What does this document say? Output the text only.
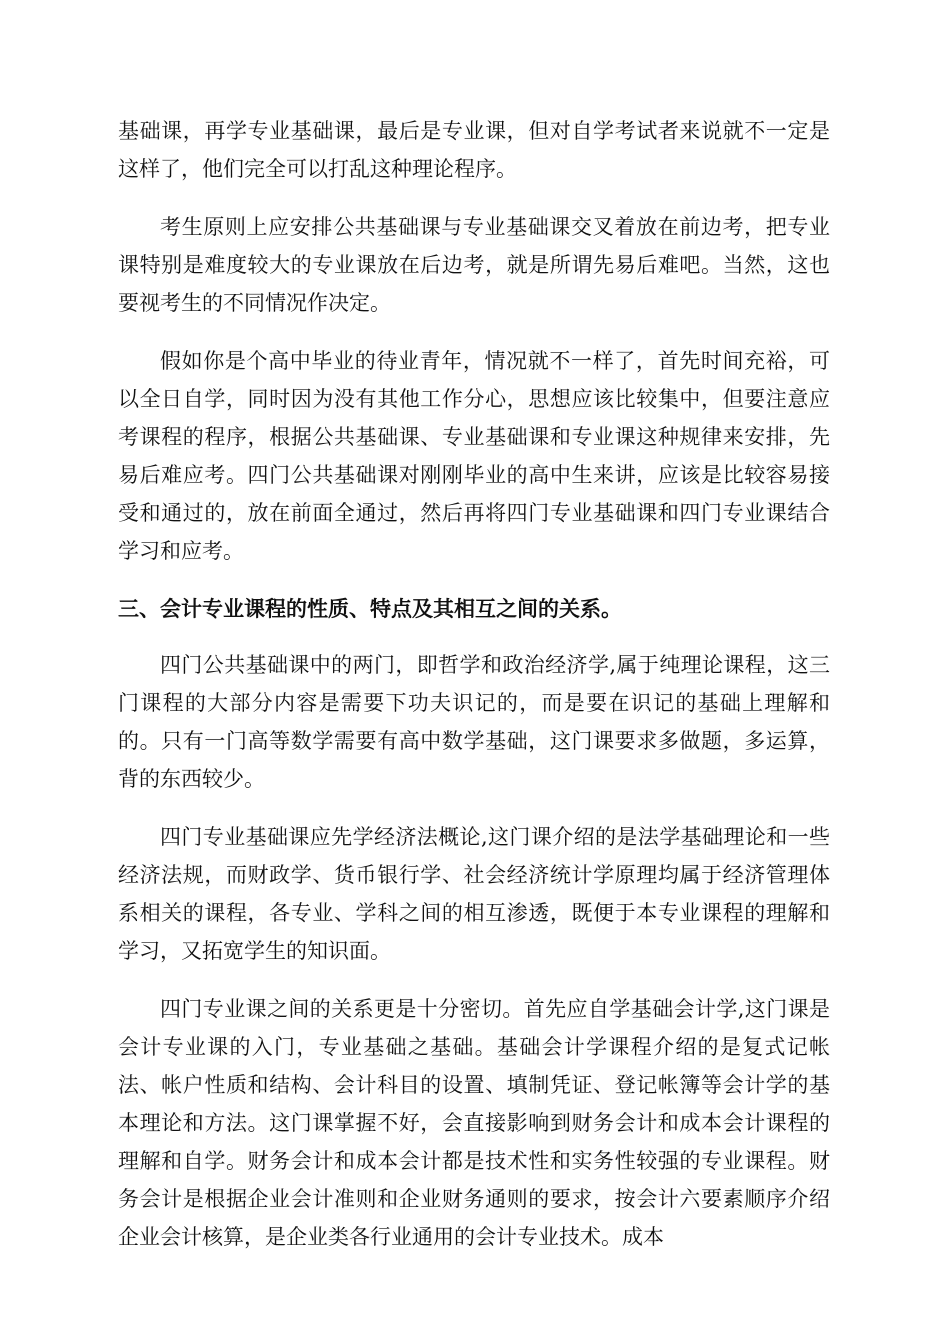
基础课，再学专业基础课，最后是专业课，但对自学考试者来说就不一定是这样了，他们完全可以打乱这种理论程序。

考生原则上应安排公共基础课与专业基础课交叉着放在前边考，把专业课特别是难度较大的专业课放在后边考，就是所谓先易后难吧。当然，这也要视考生的不同情况作决定。

假如你是个高中毕业的待业青年，情况就不一样了，首先时间充裕，可以全日自学，同时因为没有其他工作分心，思想应该比较集中，但要注意应考课程的程序，根据公共基础课、专业基础课和专业课这种规律来安排，先易后难应考。四门公共基础课对刚刚毕业的高中生来讲，应该是比较容易接受和通过的，放在前面全通过，然后再将四门专业基础课和四门专业课结合学习和应考。

三、会计专业课程的性质、特点及其相互之间的关系。

四门公共基础课中的两门，即哲学和政治经济学,属于纯理论课程，这三门课程的大部分内容是需要下功夫识记的，而是要在识记的基础上理解和的。只有一门高等数学需要有高中数学基础，这门课要求多做题，多运算，背的东西较少。

四门专业基础课应先学经济法概论,这门课介绍的是法学基础理论和一些经济法规，而财政学、货币银行学、社会经济统计学原理均属于经济管理体系相关的课程，各专业、学科之间的相互渗透，既便于本专业课程的理解和学习，又拓宽学生的知识面。

四门专业课之间的关系更是十分密切。首先应自学基础会计学,这门课是会计专业课的入门，专业基础之基础。基础会计学课程介绍的是复式记帐法、帐户性质和结构、会计科目的设置、填制凭证、登记帐簿等会计学的基本理论和方法。这门课掌握不好，会直接影响到财务会计和成本会计课程的理解和自学。财务会计和成本会计都是技术性和实务性较强的专业课程。财务会计是根据企业会计准则和企业财务通则的要求，按会计六要素顺序介绍企业会计核算，是企业类各行业通用的会计专业技术。成本
